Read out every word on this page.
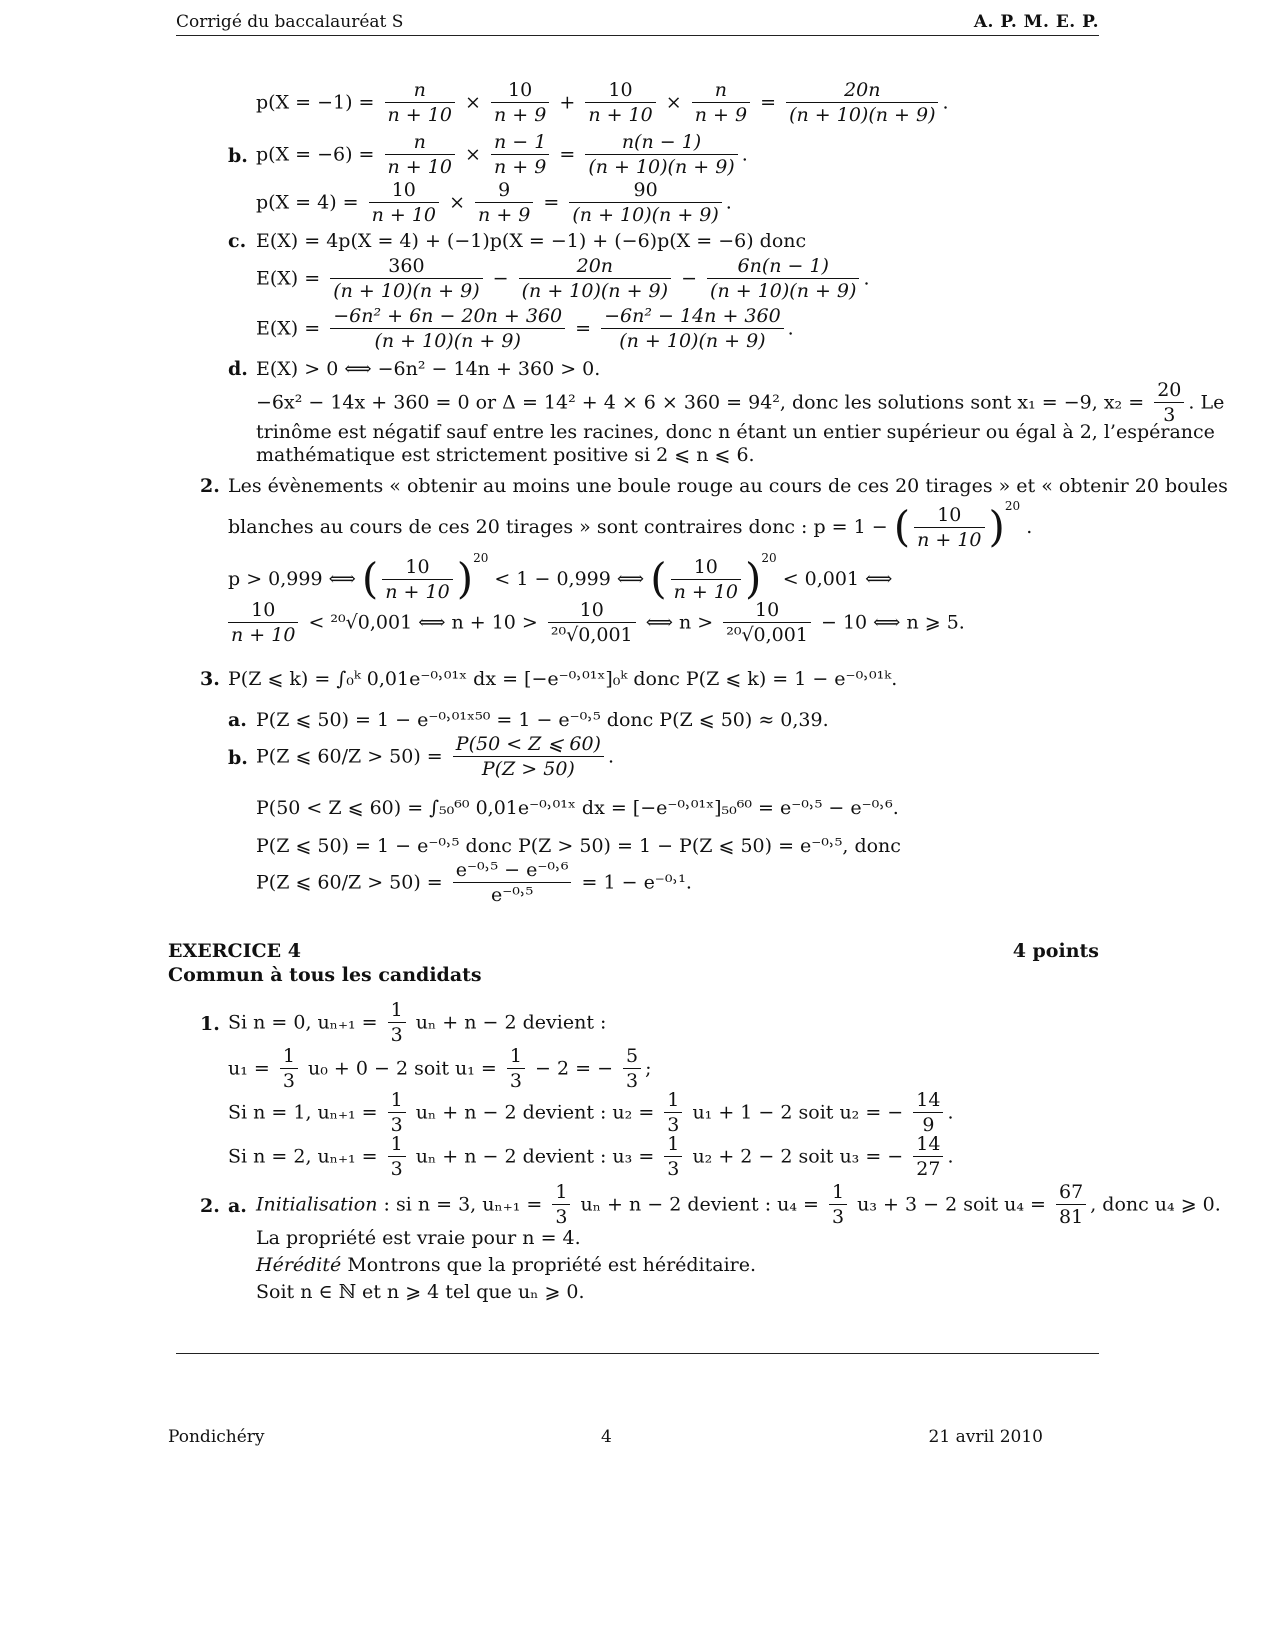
Corrigé du baccalauréat S	A. P. M. E. P.
$p(X = -1) = \frac{n}{n + 10} \times \frac{10}{n + 9} + \frac{10}{n + 10} \times \frac{n}{n + 9} = \frac{20n}{(n + 10)(n + 9)}$ .
b. $p(X = -6) = \frac{n}{n + 10} \times \frac{n - 1}{n + 9} = \frac{n(n - 1)}{(n + 10)(n + 9)}$ .
$p(X = 4) = \frac{10}{n + 10} \times \frac{9}{n + 9} = \frac{90}{(n + 10)(n + 9)}$ .
c. E(X) = 4p(X = 4) + (−1)p(X = −1) + (−6)p(X = −6) donc
$E(X) = \frac{360}{(n + 10)(n + 9)} - \frac{20n}{(n + 10)(n + 9)} - \frac{6n(n - 1)}{(n + 10)(n + 9)}$ .
$E(X) = \frac{\text{−6n² + 6n − 20n + 360}}{(n + 10)(n + 9)} = \frac{\text{−6n² − 14n + 360}}{(n + 10)(n + 9)}$ .
d. E(X) > 0 ⟺ −6n² − 14n + 360 > 0.
−6x² − 14x + 360 = 0 or Δ = 14² + 4 × 6 × 360 = 94², donc les solutions sont x₁ = −9, $x_2 = \frac{20}{3}$ . Le
trinôme est négatif sauf entre les racines, donc n étant un entier supérieur ou égal à 2, l’espérance
mathématique est strictement positive si 2 ⩽ n ⩽ 6.
2. Les évènements « obtenir au moins une boule rouge au cours de ces 20 tirages » et « obtenir 20 boules
blanches au cours de ces 20 tirages » sont contraires donc : p = 1 − ( $\frac{10}{n + 10} )^{20}$ .
p > 0,999 ⟺ ( $\frac{10}{n + 10} )^{20} < 1 - 0,999$ ⟺ ( $\frac{10}{n + 10} )^{20} < 0,001$ ⟺
$\frac{10}{n + 10} < ^{20}√0,001$ ⟺ $n + 10 > \frac{10}{\text{²⁰√0,001}}$ ⟺ $n > \frac{10}{\text{²⁰√0,001}} - 10$ ⟺ n ⩾ 5.
3. P(Z ⩽ k) = ∫₀ᵏ 0,01e⁻⁰˒⁰¹ˣ dx = [−e⁻⁰˒⁰¹ˣ]₀ᵏ donc P(Z ⩽ k) = 1 − e⁻⁰˒⁰¹ᵏ.
a. P(Z ⩽ 50) = 1 − e⁻⁰˒⁰¹ˣ⁵⁰ = 1 − e⁻⁰˒⁵ donc P(Z ⩽ 50) ≈ 0,39.
b. P(Z ⩽ $60/Z > 50) = \frac{P(50 < Z ⩽ 60)}{P(Z > 50)}$ .
P(50 < Z ⩽ 60) = ∫₅₀⁶⁰ 0,01e⁻⁰˒⁰¹ˣ dx = [−e⁻⁰˒⁰¹ˣ]₅₀⁶⁰ = e⁻⁰˒⁵ − e⁻⁰˒⁶.
P(Z ⩽ 50) = 1 − e⁻⁰˒⁵ donc P(Z > 50) = 1 − P(Z ⩽ 50) = e⁻⁰˒⁵, donc
P(Z ⩽ $60/Z > 50) = \frac{\text{e⁻⁰˒⁵ − e⁻⁰˒⁶}}{\text{e⁻⁰˒⁵}} = 1$ − e⁻⁰˒¹.
EXERCICE 4	4 points
Commun à tous les candidats
1. Si n = 0, $u_{n+1} = \frac{1}{3}$ uₙ + n − 2 devient :
$u_1 = \frac{1}{3} u_0 + 0 - 2$ soit $u_1 = \frac{1}{3} - 2$ = − $\frac{5}{3}$ ;
Si n = 1, $u_{n+1} = \frac{1}{3}$ uₙ + n − 2 devient : $u_2 = \frac{1}{3} u_1 + 1 - 2$ soit u₂ = − $\frac{14}{9}$ .
Si n = 2, $u_{n+1} = \frac{1}{3}$ uₙ + n − 2 devient : $u_3 = \frac{1}{3} u_2 + 2 - 2$ soit u₃ = − $\frac{14}{27}$ .
2. a. Initialisation : si n = 3, $u_{n+1} = \frac{1}{3}$ uₙ + n − 2 devient : $u_4 = \frac{1}{3} u_3 + 3 - 2$ soit $u_4 = \frac{67}{81}$ , donc u₄ ⩾ 0.
La propriété est vraie pour n = 4.
Hérédité Montrons que la propriété est héréditaire.
Soit n ∈ ℕ et n ⩾ 4 tel que uₙ ⩾ 0.
Pondichéry	4	21 avril 2010
